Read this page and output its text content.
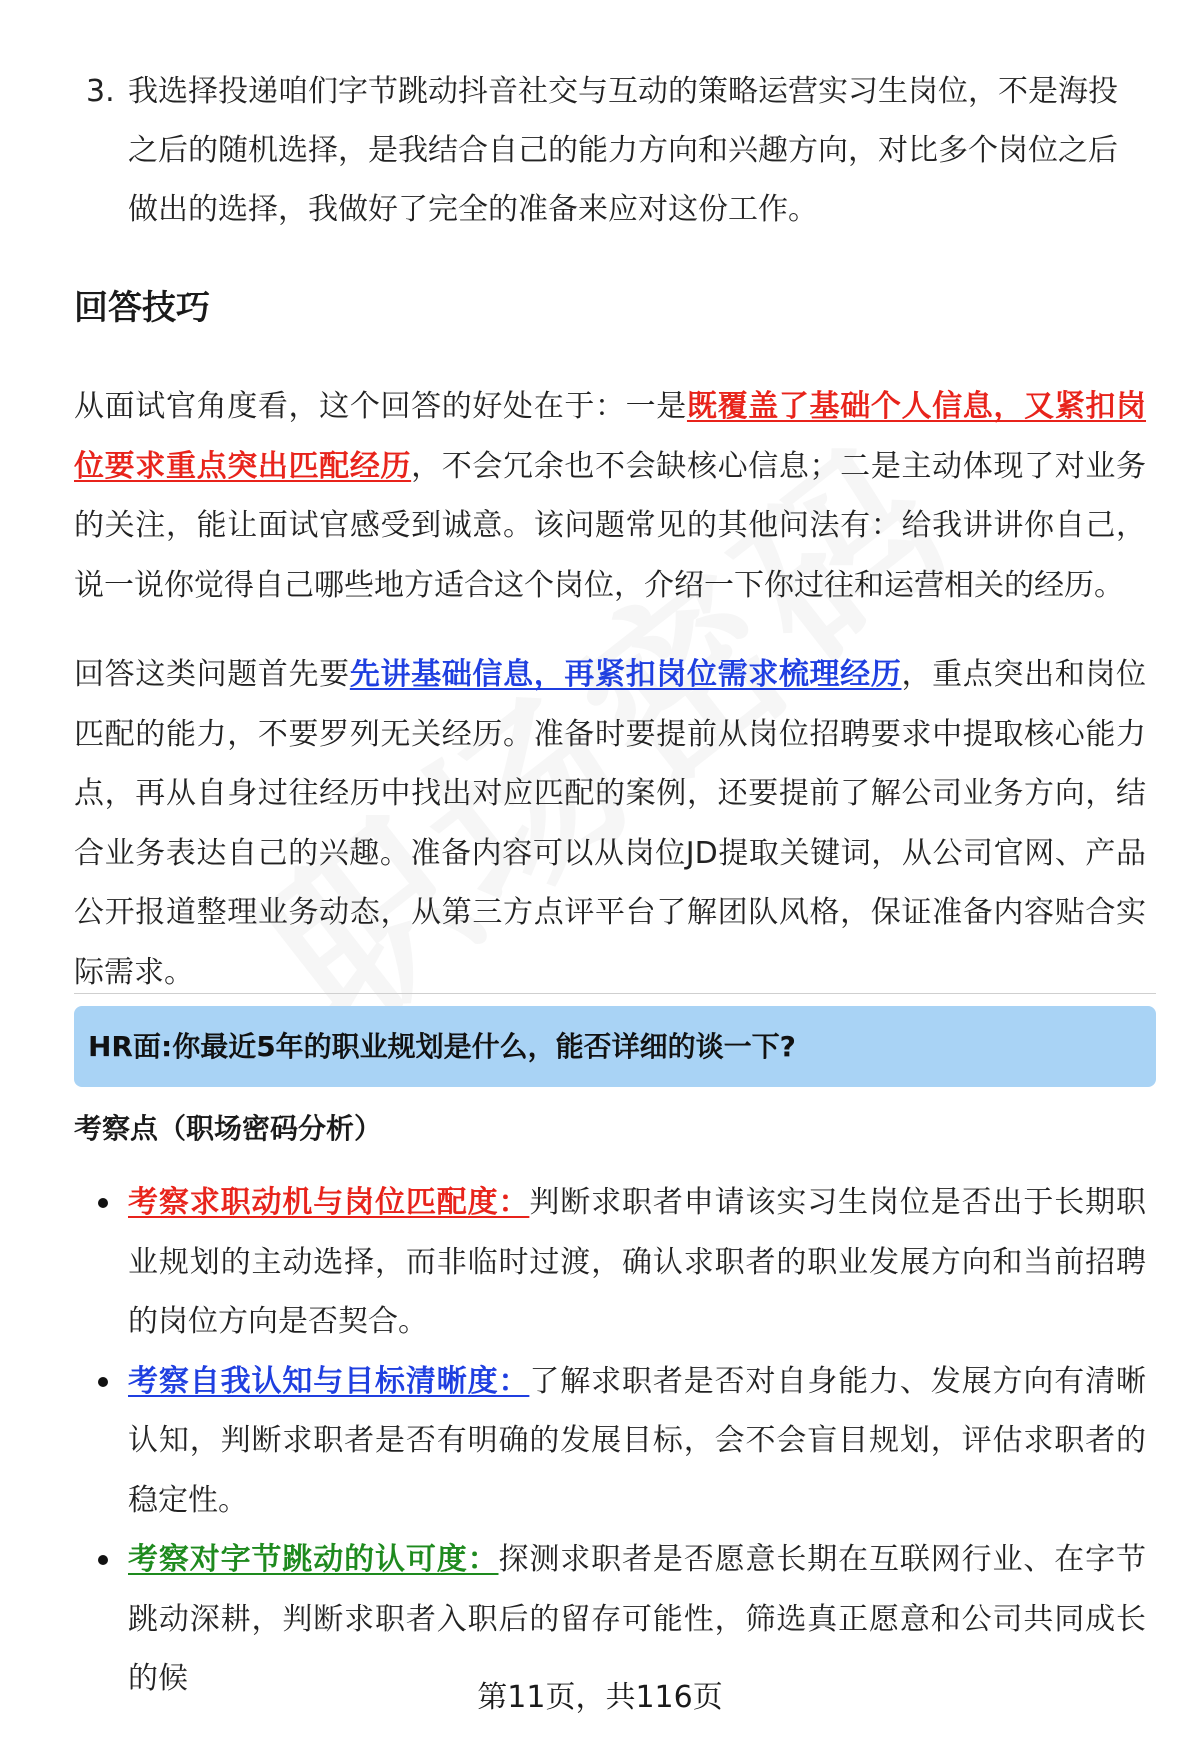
3. 我选择投递咱们字节跳动抖音社交与互动的策略运营实习生岗位，不是海投之后的随机选择，是我结合自己的能力方向和兴趣方向，对比多个岗位之后做出的选择，我做好了完全的准备来应对这份工作。
回答技巧

从面试官角度看，这个回答的好处在于：一是既覆盖了基础个人信息，又紧扣岗位要求重点突出匹配经历，不会冗余也不会缺核心信息；二是主动体现了对业务的关注，能让面试官感受到诚意。该问题常见的其他问法有：给我讲讲你自己，说一说你觉得自己哪些地方适合这个岗位，介绍一下你过往和运营相关的经历。

回答这类问题首先要先讲基础信息，再紧扣岗位需求梳理经历，重点突出和岗位匹配的能力，不要罗列无关经历。准备时要提前从岗位招聘要求中提取核心能力点，再从自身过往经历中找出对应匹配的案例，还要提前了解公司业务方向，结合业务表达自己的兴趣。准备内容可以从岗位JD提取关键词，从公司官网、产品公开报道整理业务动态，从第三方点评平台了解团队风格，保证准备内容贴合实际需求。

HR面:你最近5年的职业规划是什么，能否详细的谈一下?
考察点（职场密码分析）
考察求职动机与岗位匹配度：判断求职者申请该实习生岗位是否出于长期职业规划的主动选择，而非临时过渡，确认求职者的职业发展方向和当前招聘的岗位方向是否契合。
考察自我认知与目标清晰度：了解求职者是否对自身能力、发展方向有清晰认知，判断求职者是否有明确的发展目标，会不会盲目规划，评估求职者的稳定性。
考察对字节跳动的认可度：探测求职者是否愿意长期在互联网行业、在字节跳动深耕，判断求职者入职后的留存可能性，筛选真正愿意和公司共同成长的候
第11页，共116页
